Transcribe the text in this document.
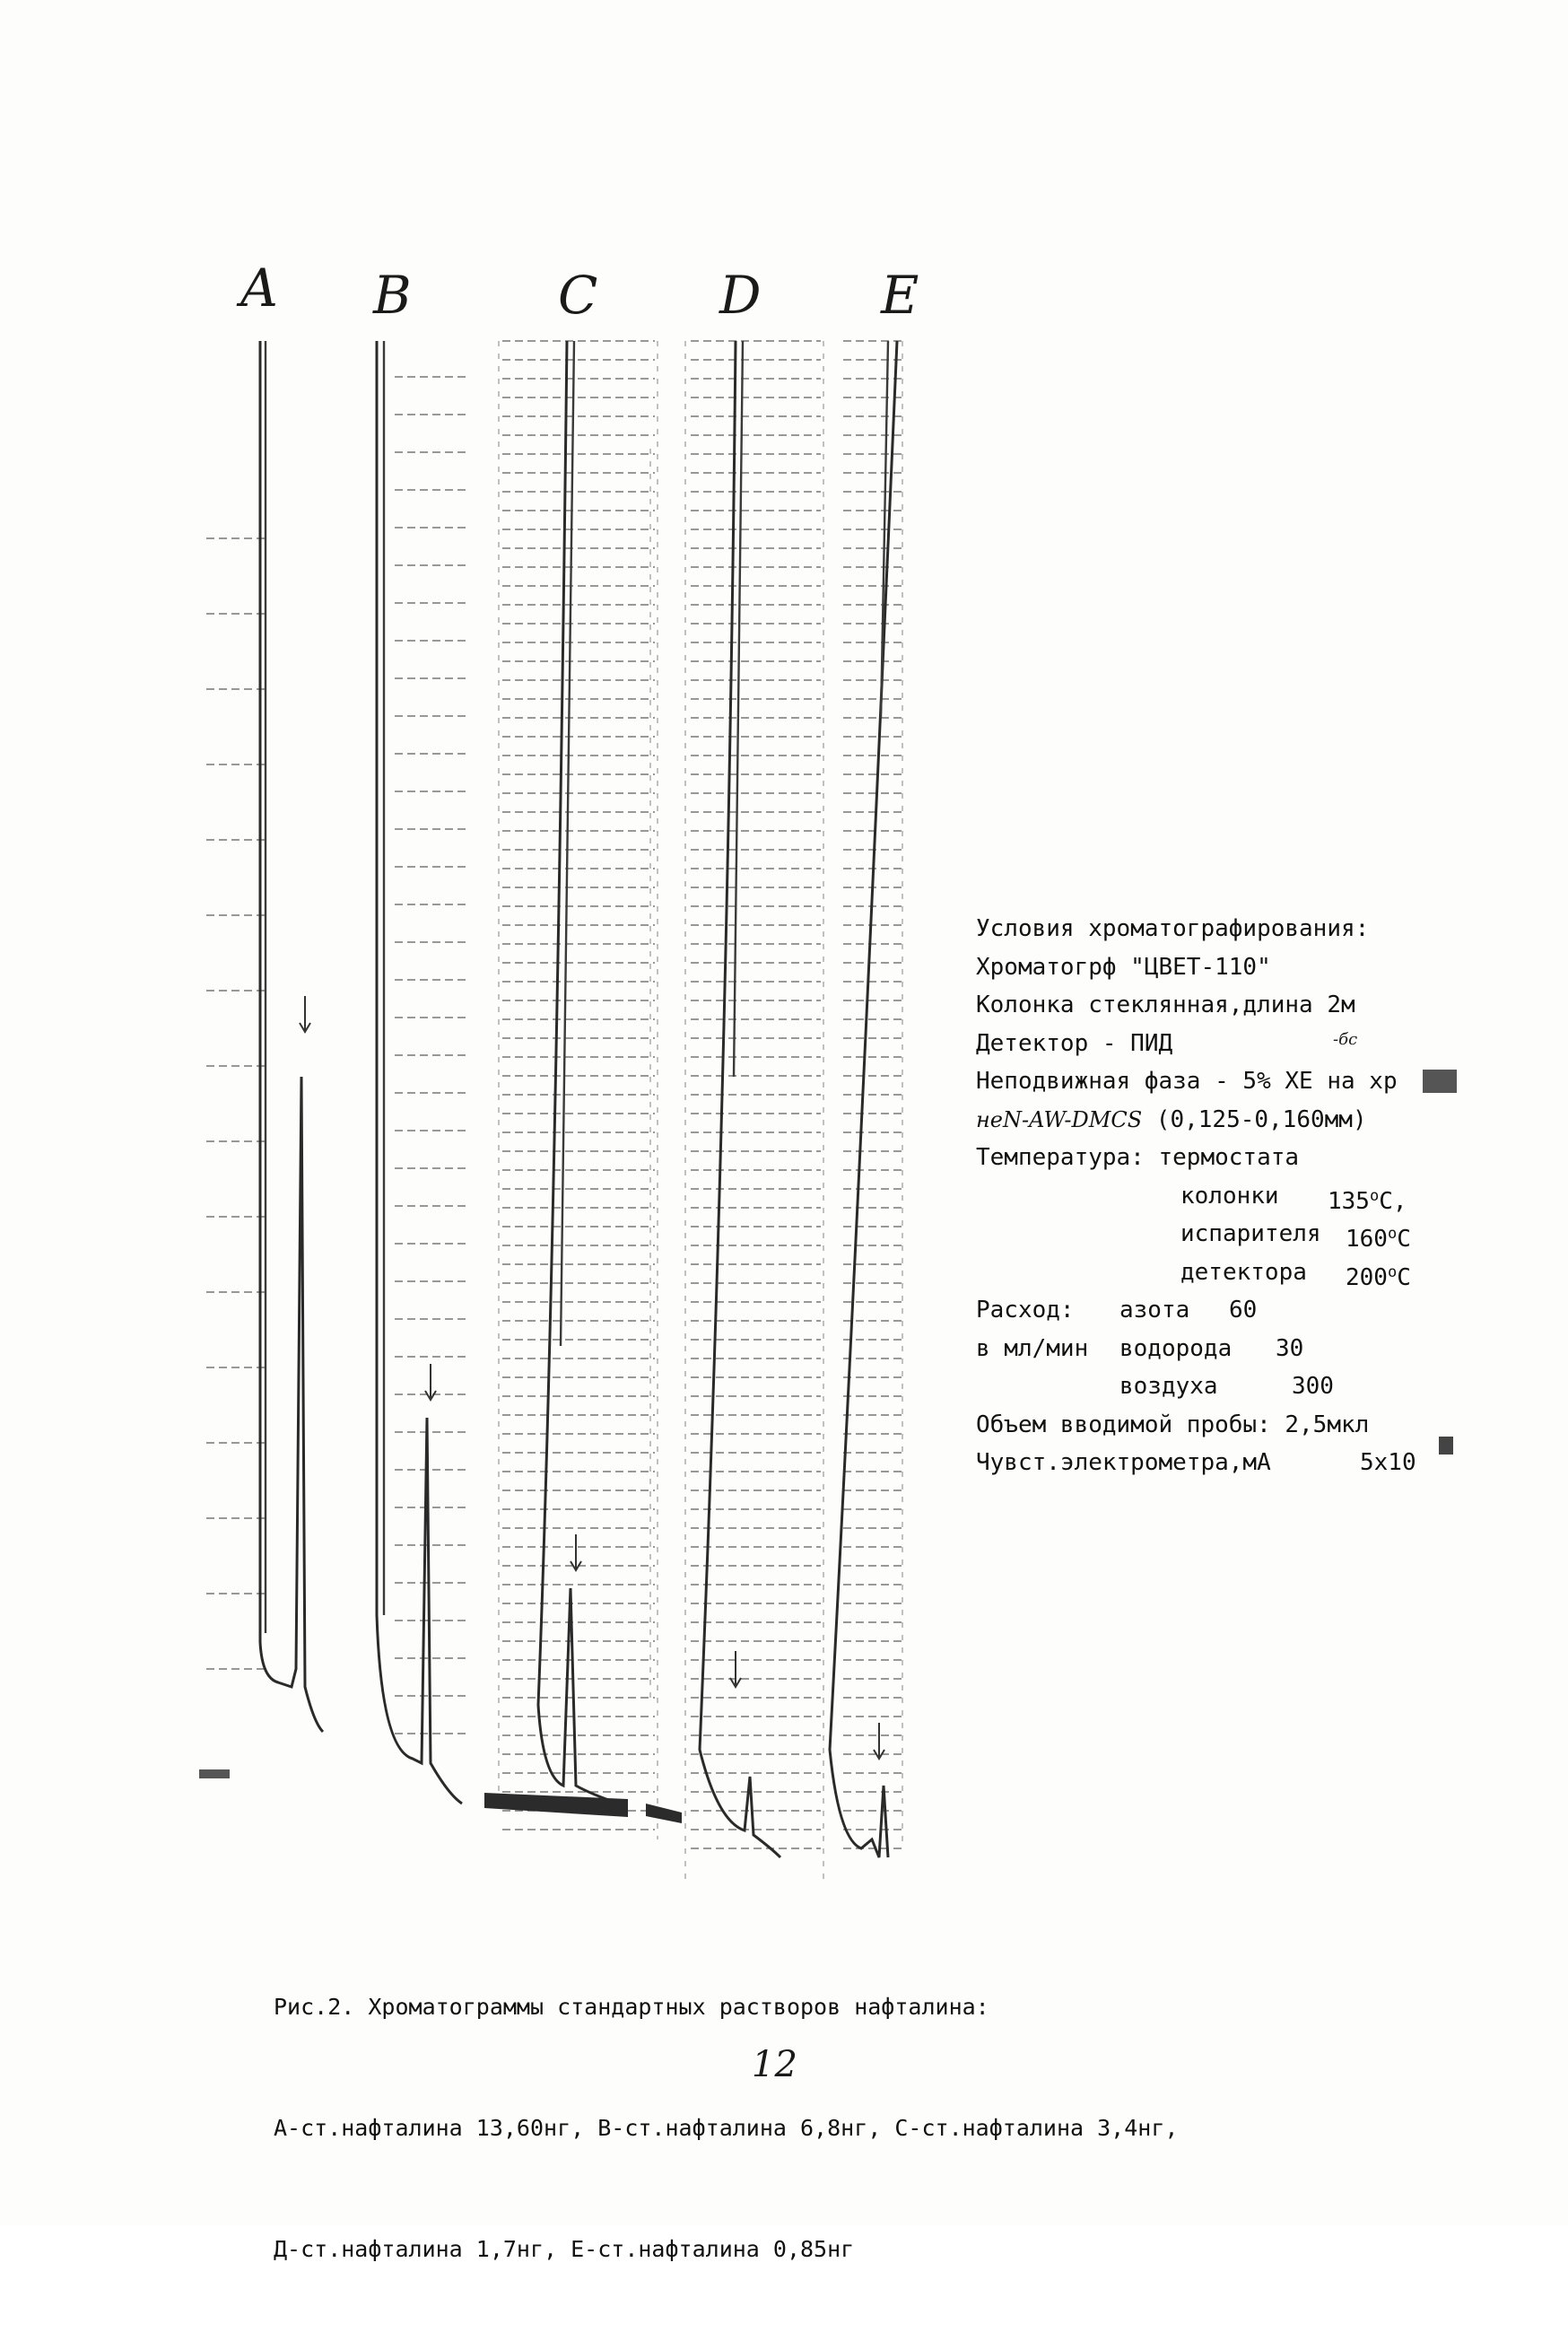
A B	C D E
Условия хроматографирования:
Хроматогрф "ЦВЕТ-110"
Колонка стеклянная,длина 2м
Детектор - ПИД	-бс
Неподвижная фаза - 5% ХЕ на хр
неN-AW-DMCS (0,125-0,160мм)
Температура: термостата
колонки 135$^o$С,
испарителя 160$^o$С
детектора 200$^o$С
Расход: азота 60
в мл/мин водорода 30
воздуха	300
Объем вводимой пробы: 2,5мкл
Чувст.электрометра,мА	5х10

Рис.2. Хроматограммы стандартных растворов нафталина:

А-ст.нафталина 13,60нг, В-ст.нафталина 6,8нг, С-ст.нафталина 3,4нг,

Д-ст.нафталина 1,7нг, Е-ст.нафталина 0,85нг

12
